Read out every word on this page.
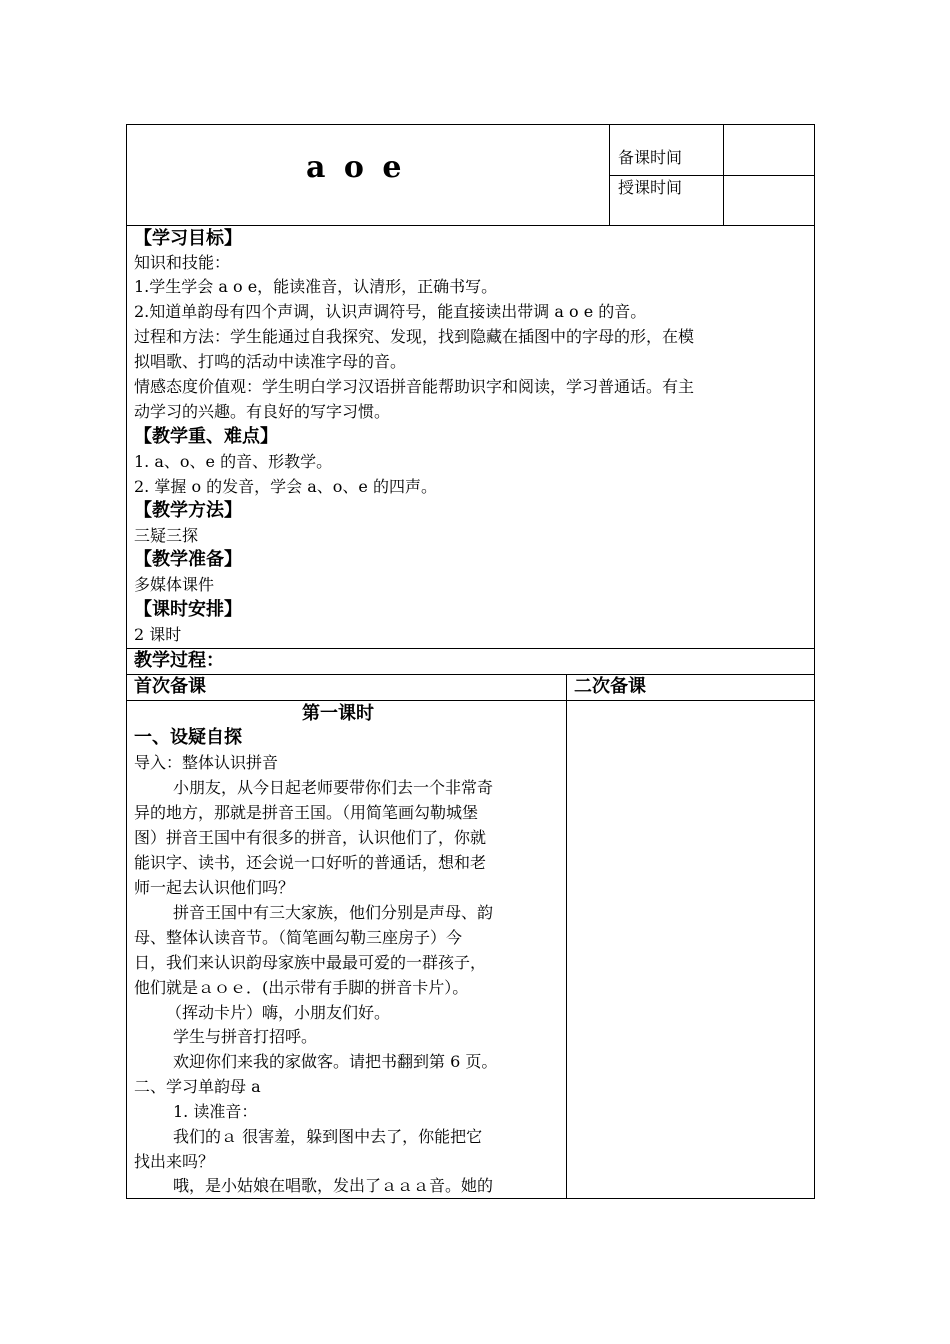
a o e	备课时间
授课时间
【学习目标】
知识和技能：
1.学生学会 a o e，能读准音，认清形，正确书写。
2.知道单韵母有四个声调，认识声调符号，能直接读出带调 a o e 的音。
过程和方法：学生能通过自我探究、发现，找到隐藏在插图中的字母的形，在模
拟唱歌、打鸣的活动中读准字母的音。
情感态度价值观：学生明白学习汉语拼音能帮助识字和阅读，学习普通话。有主
动学习的兴趣。有良好的写字习惯。
【教学重、难点】
1. a、o、e 的音、形教学。
2. 掌握 o 的发音，学会 a、o、e 的四声。
【教学方法】
三疑三探
【教学准备】
多媒体课件
【课时安排】
2 课时
教学过程：
首次备课	二次备课
第一课时
一、设疑自探
导入：整体认识拼音
小朋友，从今日起老师要带你们去一个非常奇
异的地方，那就是拼音王国。（用简笔画勾勒城堡
图）拼音王国中有很多的拼音，认识他们了，你就
能识字、读书，还会说一口好听的普通话，想和老
师一起去认识他们吗？
拼音王国中有三大家族，他们分别是声母、韵
母、整体认读音节。（简笔画勾勒三座房子）今
日，我们来认识韵母家族中最最可爱的一群孩子，
他们就是ａｏｅ．(出示带有手脚的拼音卡片）。
（挥动卡片）嗨，小朋友们好。
学生与拼音打招呼。
欢迎你们来我的家做客。请把书翻到第 6 页。
二、学习单韵母 a
1. 读准音：
我们的ａ 很害羞，躲到图中去了，你能把它
找出来吗？
哦，是小姑娘在唱歌，发出了ａａａ音。她的
